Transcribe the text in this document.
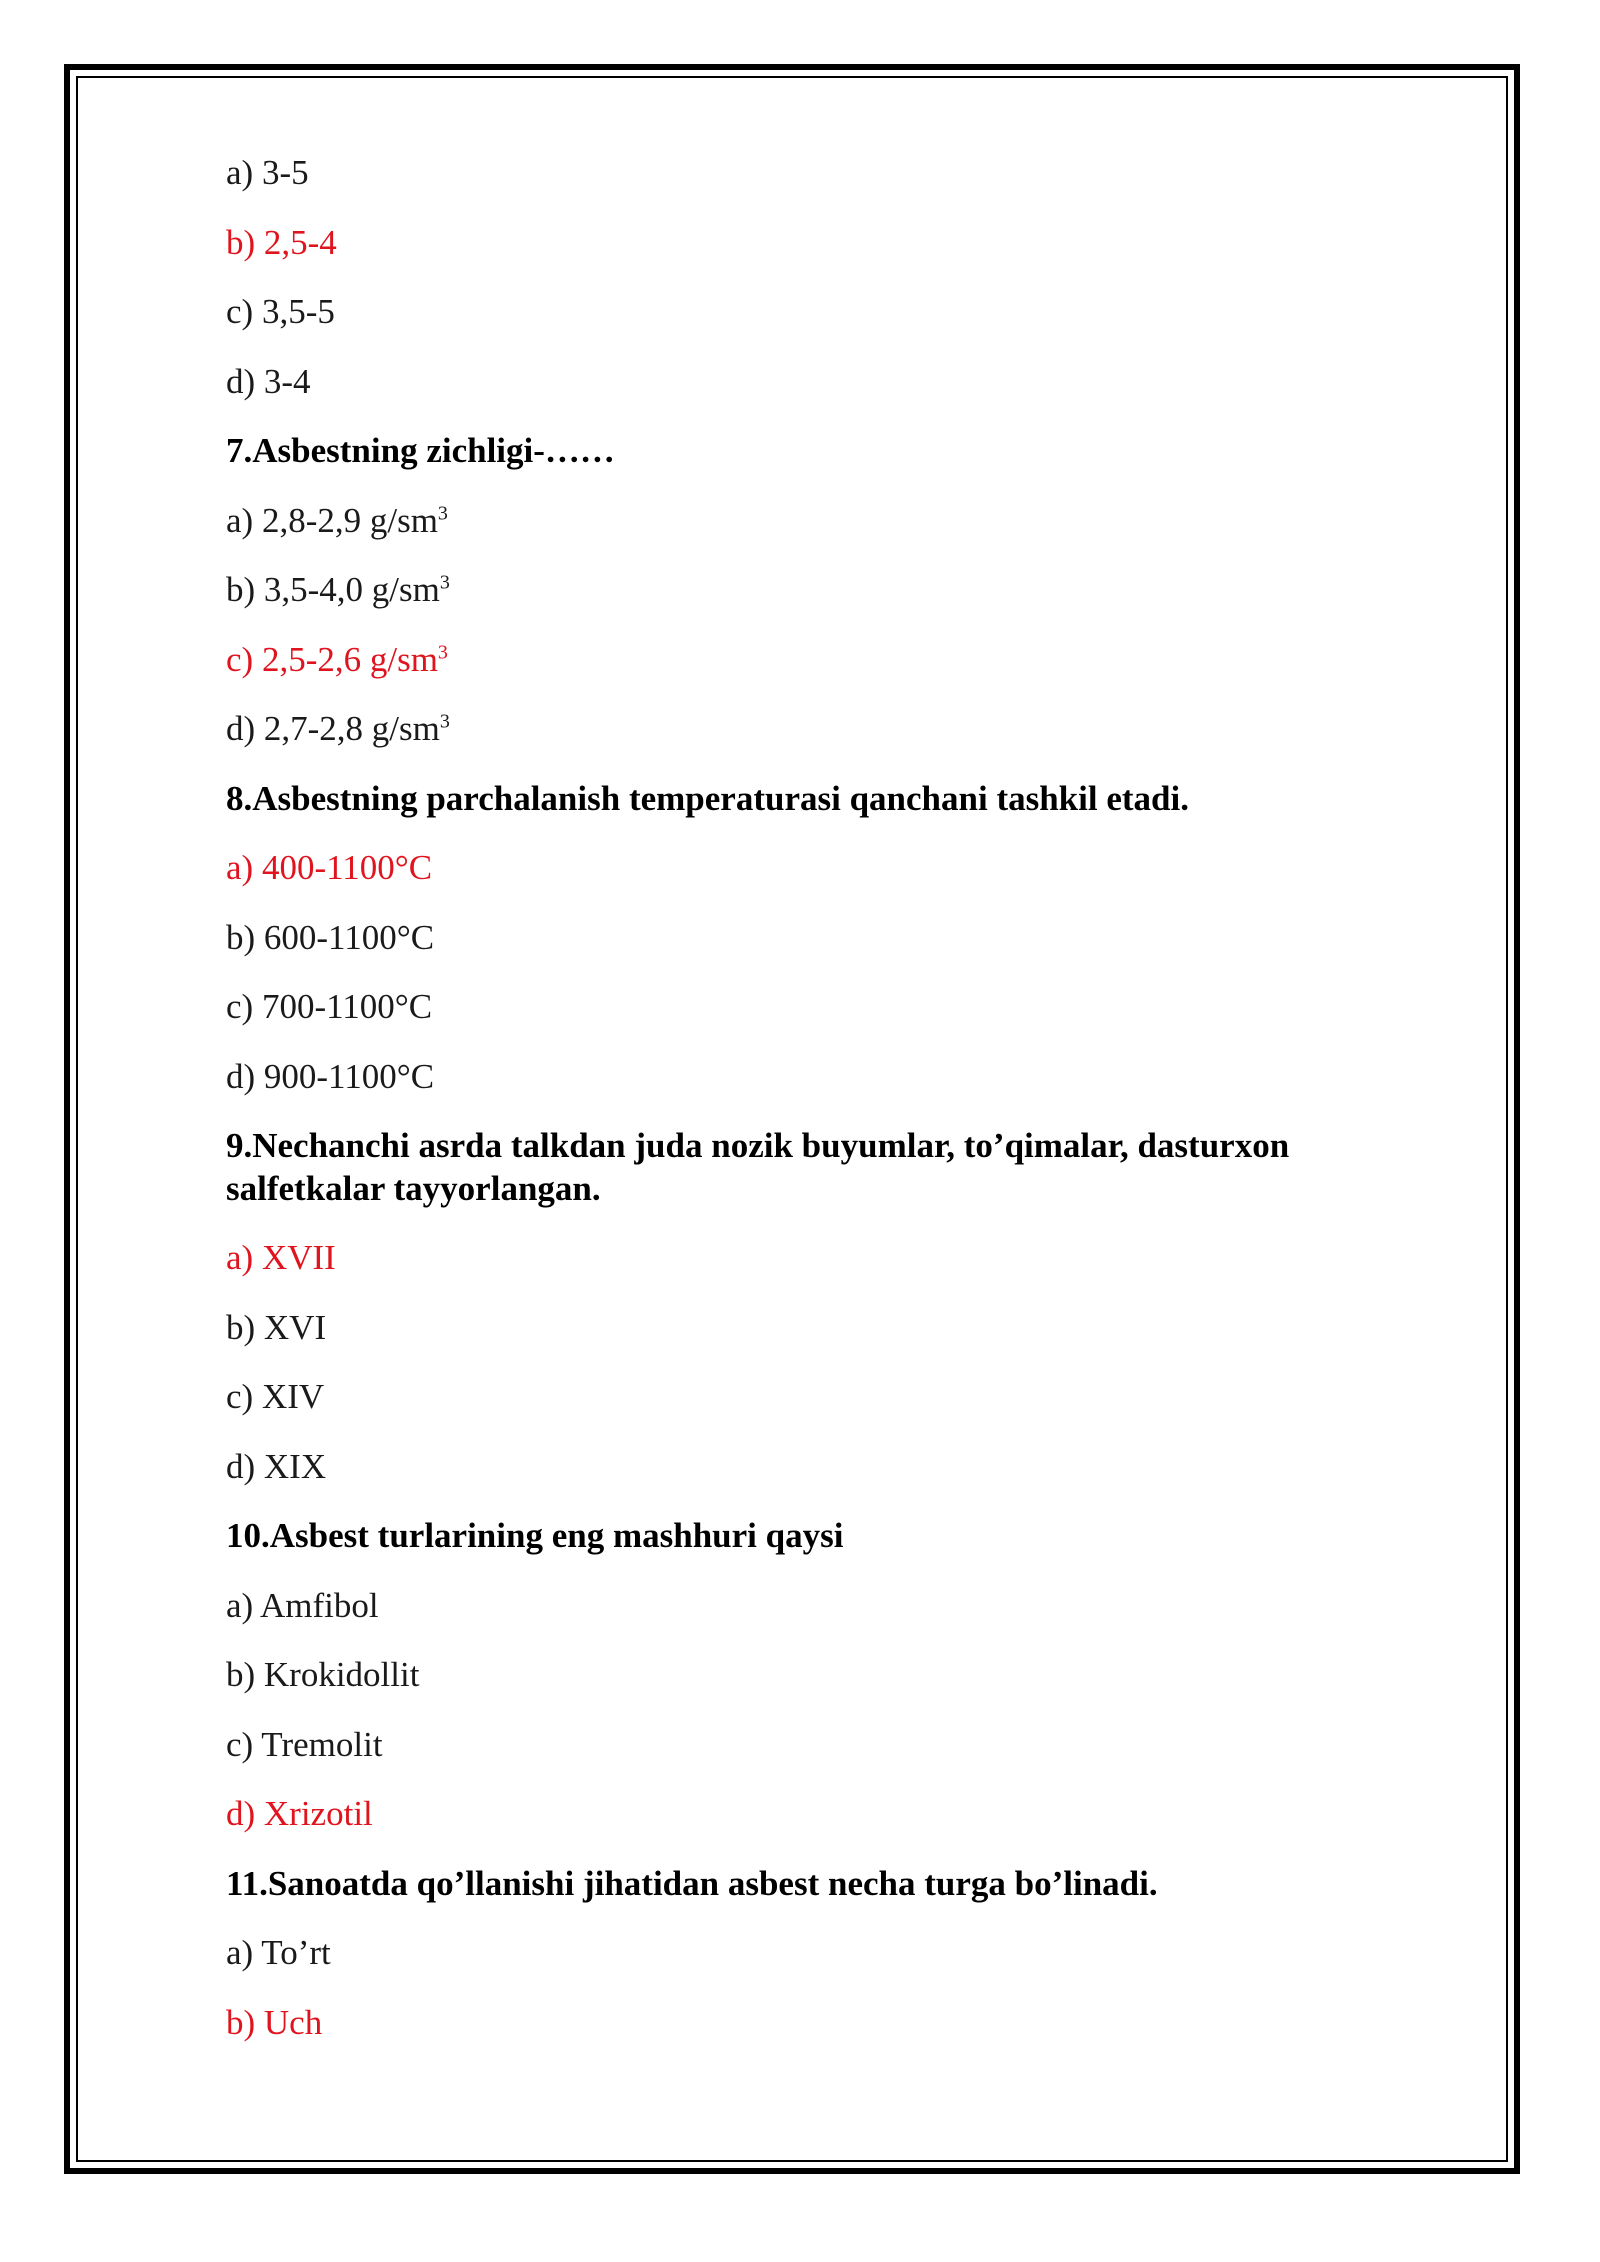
a) 3-5
b) 2,5-4
c) 3,5-5
d) 3-4
7.Asbestning zichligi-……
a) 2,8-2,9 $g/sm^3$
b) 3,5-4,0 $g/sm^3$
c) 2,5-2,6 $g/sm^3$
d) 2,7-2,8 $g/sm^3$
8.Asbestning parchalanish temperaturasi qanchani tashkil etadi.
a) 400-1100°C
b) 600-1100°C
c) 700-1100°C
d) 900-1100°C
9.Nechanchi asrda talkdan juda nozik buyumlar, to’qimalar, dasturxon
salfetkalar tayyorlangan.
a) XVII
b) XVI
c) XIV
d) XIX
10.Asbest turlarining eng mashhuri qaysi
a) Amfibol
b) Krokidollit
c) Tremolit
d) Xrizotil
11.Sanoatda qo’llanishi jihatidan asbest necha turga bo’linadi.
a) To’rt
b) Uch
